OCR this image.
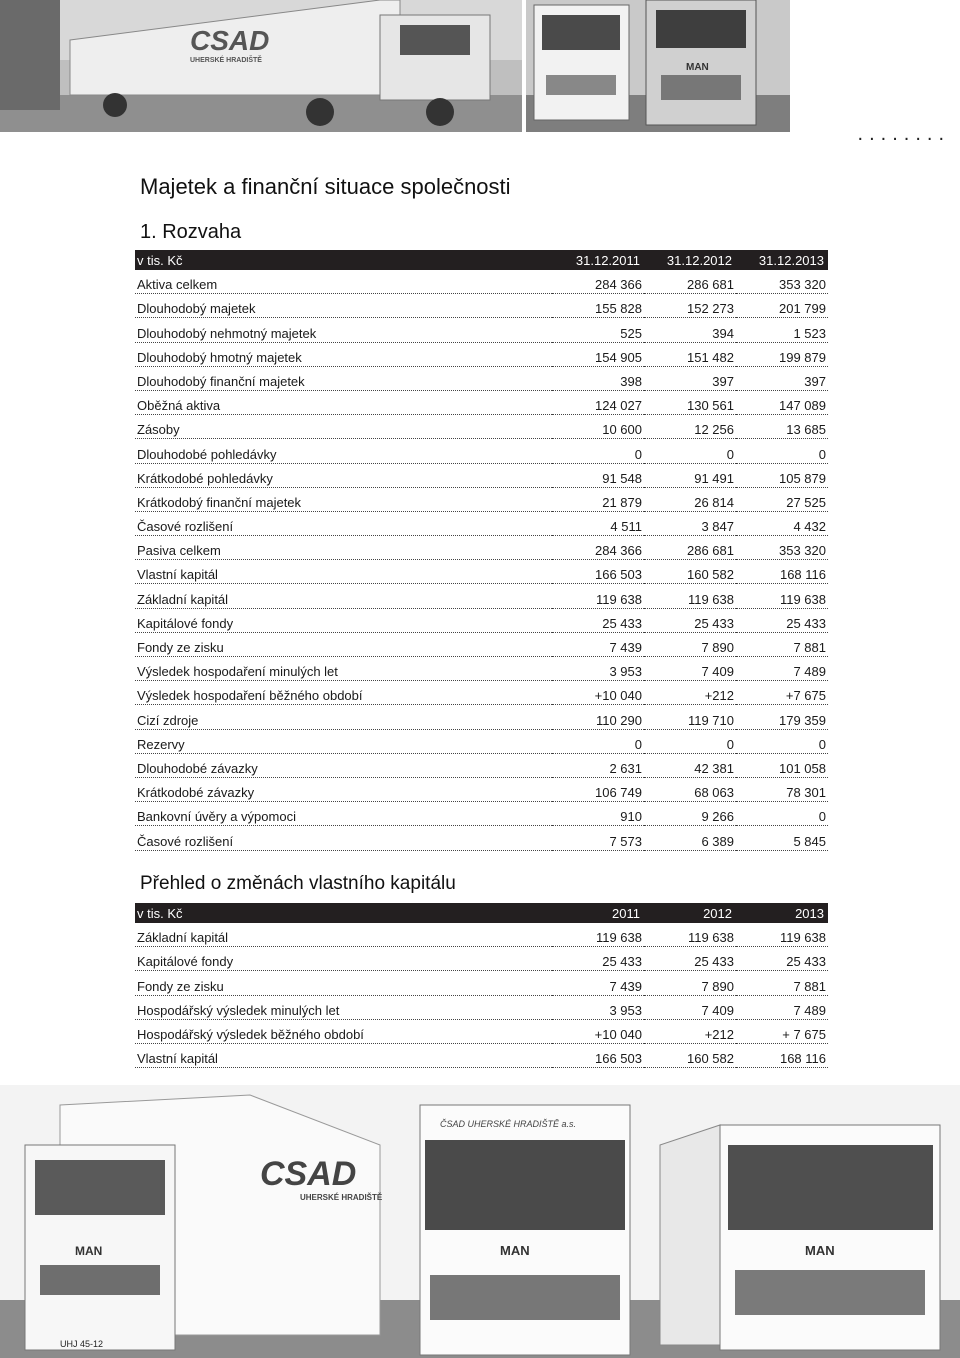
CSAD
UHERSKÉ HRADIŠTĚ
MAN
........
Majetek a finanční situace společnosti
1. Rozvaha
v tis. Kč	31.12.2011	31.12.2012	31.12.2013
Aktiva celkem	284 366	286 681	353 320
Dlouhodobý majetek	155 828	152 273	201 799
Dlouhodobý nehmotný majetek	525	394	1 523
Dlouhodobý hmotný majetek	154 905	151 482	199 879
Dlouhodobý finanční majetek	398	397	397
Oběžná aktiva	124 027	130 561	147 089
Zásoby	10 600	12 256	13 685
Dlouhodobé pohledávky	0	0	0
Krátkodobé pohledávky	91 548	91 491	105 879
Krátkodobý finanční majetek	21 879	26 814	27 525
Časové rozlišení	4 511	3 847	4 432
Pasiva celkem	284 366	286 681	353 320
Vlastní kapitál	166 503	160 582	168 116
Základní kapitál	119 638	119 638	119 638
Kapitálové fondy	25 433	25 433	25 433
Fondy ze zisku	7 439	7 890	7 881
Výsledek hospodaření minulých let	3 953	7 409	7 489
Výsledek hospodaření běžného období	+10 040	+212	+7 675
Cizí zdroje	110 290	119 710	179 359
Rezervy	0	0	0
Dlouhodobé závazky	2 631	42 381	101 058
Krátkodobé závazky	106 749	68 063	78 301
Bankovní úvěry a výpomoci	910	9 266	0
Časové rozlišení	7 573	6 389	5 845
Přehled o změnách vlastního kapitálu
v tis. Kč	2011	2012	2013
Základní kapitál	119 638	119 638	119 638
Kapitálové fondy	25 433	25 433	25 433
Fondy ze zisku	7 439	7 890	7 881
Hospodářský výsledek minulých let	3 953	7 409	7 489
Hospodářský výsledek běžného období	+10 040	+212	+ 7 675
Vlastní kapitál	166 503	160 582	168 116
CSAD
UHERSKÉ HRADIŠTĚ
MAN
UHJ 45-12
ČSAD UHERSKÉ HRADIŠTĚ a.s.
MAN	MAN
